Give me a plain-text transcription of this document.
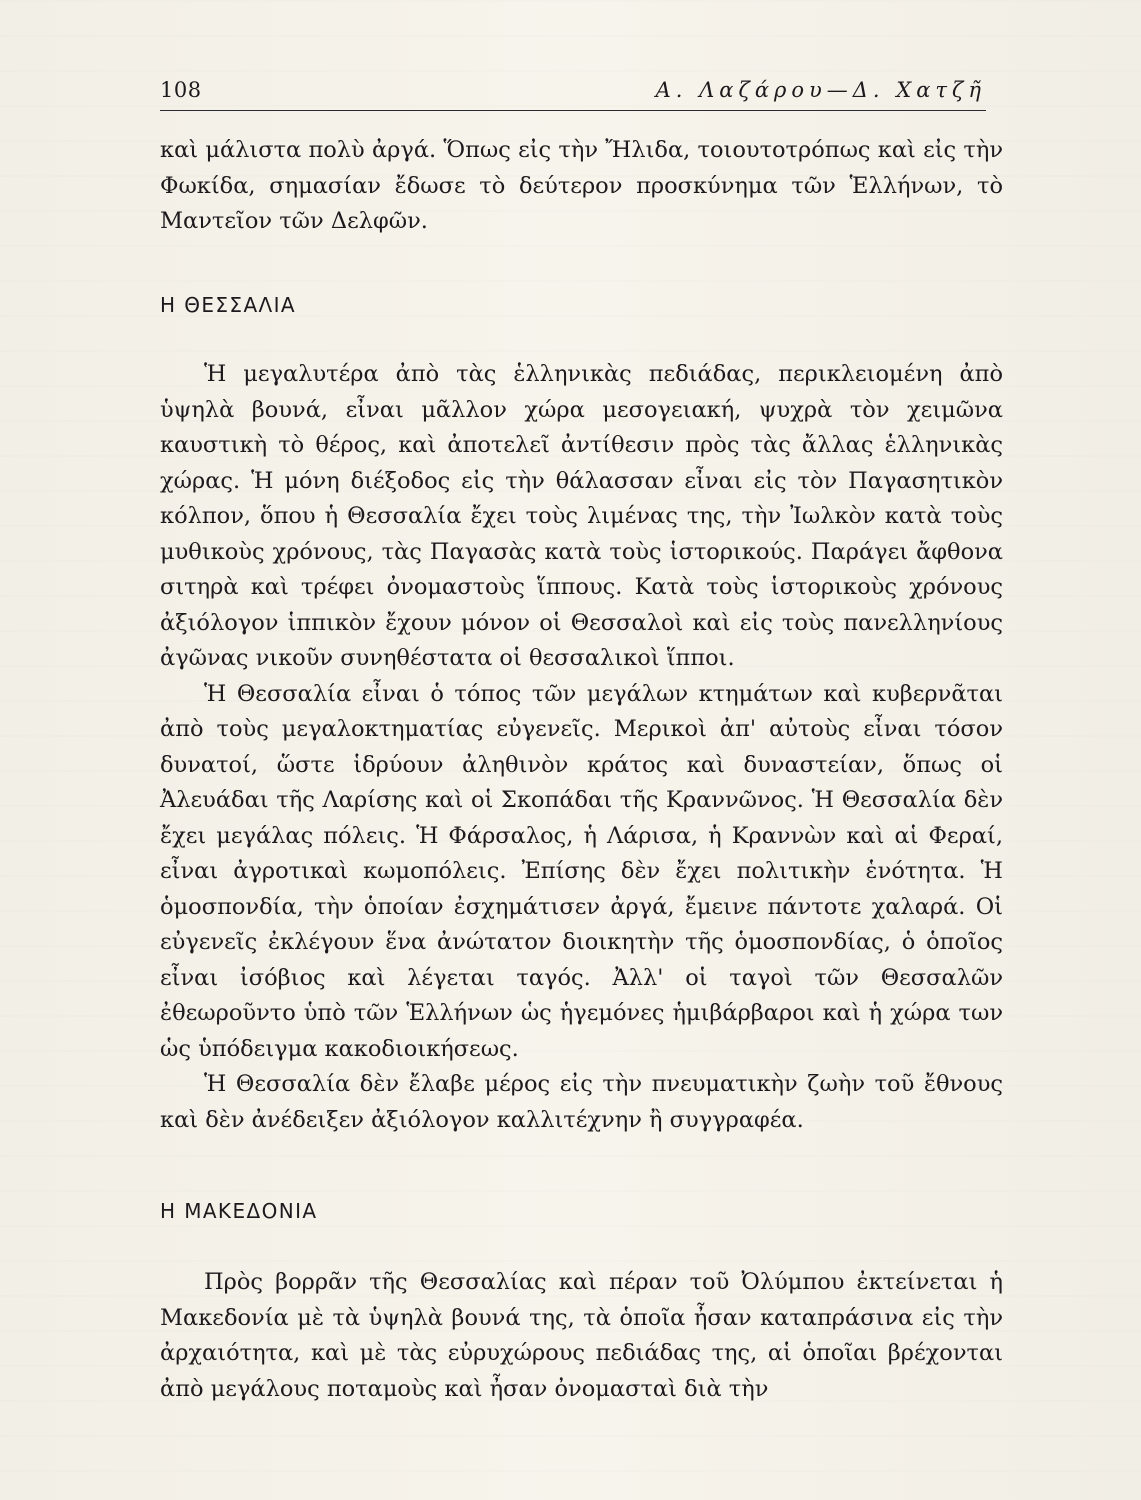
108	Α. Λαζάρου—Δ. Χατζῆ

καὶ μάλιστα πολὺ ἀργά. Ὅπως εἰς τὴν Ἤλιδα, τοιουτοτρόπως καὶ εἰς τὴν Φωκίδα, σημασίαν ἔδωσε τὸ δεύτερον προσκύνημα τῶν Ἑλλήνων, τὸ Μαντεῖον τῶν Δελφῶν.

Η ΘΕΣΣΑΛΙΑ

Ἡ μεγαλυτέρα ἀπὸ τὰς ἑλληνικὰς πεδιάδας, περικλειομένη ἀπὸ ὑψηλὰ βουνά, εἶναι μᾶλλον χώρα μεσογειακή, ψυχρὰ τὸν χειμῶνα καυστικὴ τὸ θέρος, καὶ ἀποτελεῖ ἀντίθεσιν πρὸς τὰς ἄλλας ἑλληνικὰς χώρας. Ἡ μόνη διέξοδος εἰς τὴν θάλασσαν εἶναι εἰς τὸν Παγασητικὸν κόλπον, ὅπου ἡ Θεσσαλία ἔχει τοὺς λιμένας της, τὴν Ἰωλκὸν κατὰ τοὺς μυθικοὺς χρόνους, τὰς Παγασὰς κατὰ τοὺς ἱστορικούς. Παράγει ἄφθονα σιτηρὰ καὶ τρέφει ὀνομαστοὺς ἵππους. Κατὰ τοὺς ἱστορικοὺς χρόνους ἀξιόλογον ἱππικὸν ἔχουν μόνον οἱ Θεσσαλοὶ καὶ εἰς τοὺς πανελληνίους ἀγῶνας νικοῦν συνηθέστατα οἱ θεσσαλικοὶ ἵπποι.

Ἡ Θεσσαλία εἶναι ὁ τόπος τῶν μεγάλων κτημάτων καὶ κυβερνᾶται ἀπὸ τοὺς μεγαλοκτηματίας εὐγενεῖς. Μερικοὶ ἀπ' αὐτοὺς εἶναι τόσον δυνατοί, ὥστε ἱδρύουν ἀληθινὸν κράτος καὶ δυναστείαν, ὅπως οἱ Ἀλευάδαι τῆς Λαρίσης καὶ οἱ Σκοπάδαι τῆς Κραννῶνος. Ἡ Θεσσαλία δὲν ἔχει μεγάλας πόλεις. Ἡ Φάρσαλος, ἡ Λάρισα, ἡ Κραννὼν καὶ αἱ Φεραί, εἶναι ἀγροτικαὶ κωμοπόλεις. Ἐπίσης δὲν ἔχει πολιτικὴν ἑνότητα. Ἡ ὁμοσπονδία, τὴν ὁποίαν ἐσχημάτισεν ἀργά, ἔμεινε πάντοτε χαλαρά. Οἱ εὐγενεῖς ἐκλέγουν ἕνα ἀνώτατον διοικητὴν τῆς ὁμοσπονδίας, ὁ ὁποῖος εἶναι ἰσόβιος καὶ λέγεται ταγός. Ἀλλ' οἱ ταγοὶ τῶν Θεσσαλῶν ἐθεωροῦντο ὑπὸ τῶν Ἑλλήνων ὡς ἡγεμόνες ἡμιβάρβαροι καὶ ἡ χώρα των ὡς ὑπόδειγμα κακοδιοικήσεως.

Ἡ Θεσσαλία δὲν ἔλαβε μέρος εἰς τὴν πνευματικὴν ζωὴν τοῦ ἔθνους καὶ δὲν ἀνέδειξεν ἀξιόλογον καλλιτέχνην ἢ συγγραφέα.

Η ΜΑΚΕΔΟΝΙΑ

Πρὸς βορρᾶν τῆς Θεσσαλίας καὶ πέραν τοῦ Ὀλύμπου ἐκτείνεται ἡ Μακεδονία μὲ τὰ ὑψηλὰ βουνά της, τὰ ὁποῖα ἦσαν καταπράσινα εἰς τὴν ἀρχαιότητα, καὶ μὲ τὰς εὐρυχώρους πεδιάδας της, αἱ ὁποῖαι βρέχονται ἀπὸ μεγάλους ποταμοὺς καὶ ἦσαν ὀνομασταὶ διὰ τὴν
